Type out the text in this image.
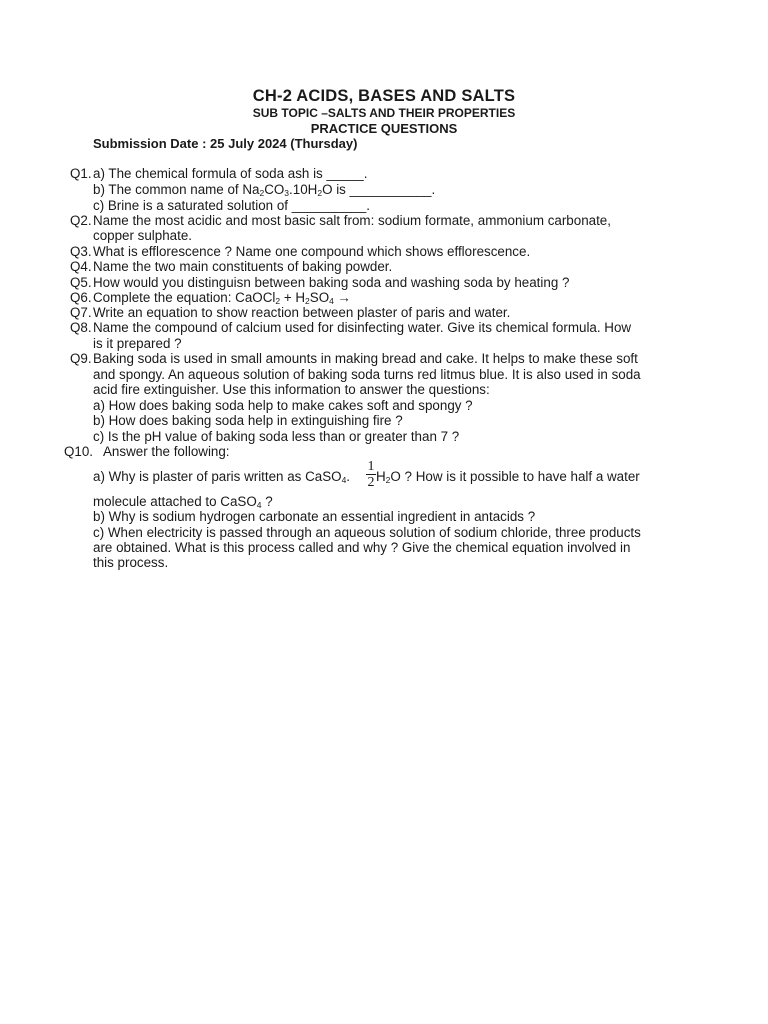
CH-2 ACIDS, BASES AND SALTS
SUB TOPIC –SALTS AND THEIR PROPERTIES
PRACTICE QUESTIONS
Submission Date : 25 July 2024 (Thursday)
Q1. a) The chemical formula of soda ash is _____.
b) The common name of $Na_2CO_3.10H_2O$ is ___________.
c) Brine is a saturated solution of __________.
Q2. Name the most acidic and most basic salt from: sodium formate, ammonium carbonate,
copper sulphate.
Q3. What is efflorescence ? Name one compound which shows efflorescence.
Q4. Name the two main constituents of baking powder.
Q5. How would you distinguisn between baking soda and washing soda by heating ?
Q6. Complete the equation: CaOCl$_2$ + $H_2SO_4$ →
Q7. Write an equation to show reaction between plaster of paris and water.
Q8. Name the compound of calcium used for disinfecting water. Give its chemical formula. How
is it prepared ?
Q9. Baking soda is used in small amounts in making bread and cake. It helps to make these soft
and spongy. An aqueous solution of baking soda turns red litmus blue. It is also used in soda
acid fire extinguisher. Use this information to answer the questions:
a) How does baking soda help to make cakes soft and spongy ?
b) How does baking soda help in extinguishing fire ?
c) Is the pH value of baking soda less than or greater than 7 ?
Q10. Answer the following:
a) Why is plaster of paris written as CaSO$_4$.
1
2 $H_2O$ ? How is it possible to have half a water
molecule attached to CaSO$_4$ ?
b) Why is sodium hydrogen carbonate an essential ingredient in antacids ?
c) When electricity is passed through an aqueous solution of sodium chloride, three products
are obtained. What is this process called and why ? Give the chemical equation involved in
this process.
